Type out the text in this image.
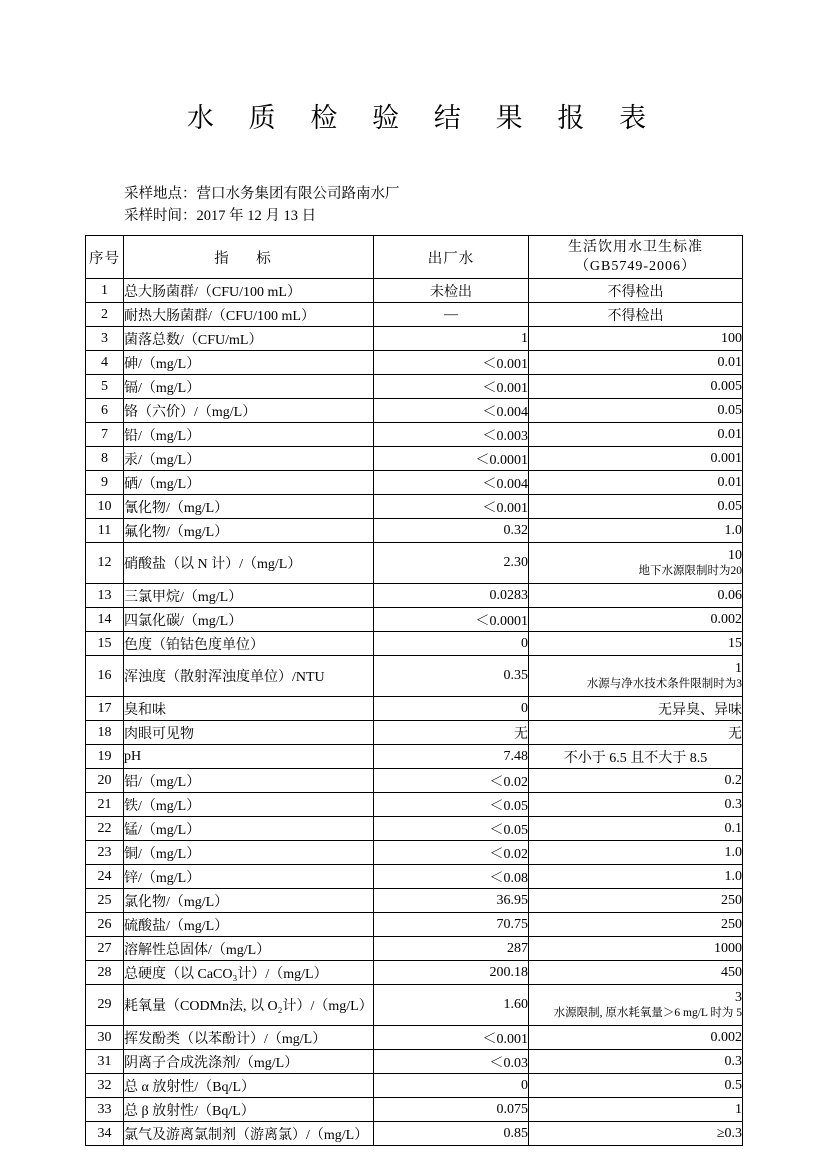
水 质 检 验 结 果 报 表
采样地点：营口水务集团有限公司路南水厂
采样时间：2017 年 12 月 13 日
序号	指 标	出厂水	生活饮用水卫生标准
（GB5749-2006）
1	总大肠菌群/（CFU/100 mL）	未检出	不得检出
2	耐热大肠菌群/（CFU/100 mL）	—	不得检出
3	菌落总数/（CFU/mL）	1	100
4	砷/（mg/L）	＜0.001	0.01
5	镉/（mg/L）	＜0.001	0.005
6	铬（六价）/（mg/L）	＜0.004	0.05
7	铅/（mg/L）	＜0.003	0.01
8	汞/（mg/L）	＜0.0001	0.001
9	硒/（mg/L）	＜0.004	0.01
10	氰化物/（mg/L）	＜0.001	0.05
11	氟化物/（mg/L）	0.32	1.0
12	硝酸盐（以 N 计）/（mg/L）	2.30	10
地下水源限制时为20

13	三氯甲烷/（mg/L）	0.0283	0.06
14	四氯化碳/（mg/L）	＜0.0001	0.002
15	色度（铂钴色度单位）	0	15
16	浑浊度（散射浑浊度单位）/NTU	0.35	1
水源与净水技术条件限制时为3

17	臭和味	0	无异臭、异味
18	肉眼可见物	无	无
19	pH	7.48	不小于 6.5 且不大于 8.5
20	铝/（mg/L）	＜0.02	0.2
21	铁/（mg/L）	＜0.05	0.3
22	锰/（mg/L）	＜0.05	0.1
23	铜/（mg/L）	＜0.02	1.0
24	锌/（mg/L）	＜0.08	1.0
25	氯化物/（mg/L）	36.95	250
26	硫酸盐/（mg/L）	70.75	250
27	溶解性总固体/（mg/L）	287	1000
28	总硬度（以 CaCO₃计）/（mg/L）	200.18	450
29	耗氧量（CODMn法, 以 O₂计）/（mg/L）	1.60	3
水源限制, 原水耗氧量＞6 mg/L 时为 5

30	挥发酚类（以苯酚计）/（mg/L）	＜0.001	0.002
31	阴离子合成洗涤剂/（mg/L）	＜0.03	0.3
32	总 α 放射性/（Bq/L）	0	0.5
33	总 β 放射性/（Bq/L）	0.075	1
34	氯气及游离氯制剂（游离氯）/（mg/L）	0.85	≥0.3
